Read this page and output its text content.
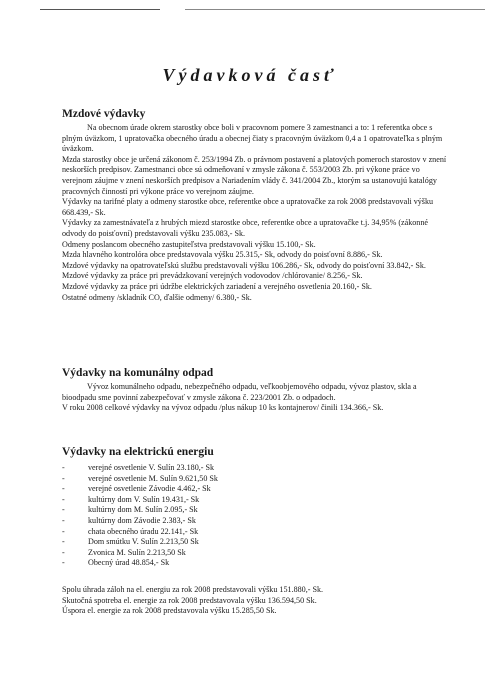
Výdavková časť
Mzdové výdavky

Na obecnom úrade okrem starostky obce boli v pracovnom pomere 3 zamestnanci a to: 1 referentka obce s plným úväzkom, 1 upratovačka obecného úradu a obecnej čiaty s pracovným úväzkom 0,4 a 1 opatrovateľka s plným úväzkom.

Mzda starostky obce je určená zákonom č. 253/1994 Zb. o právnom postavení a platových pomeroch starostov v znení neskorších predpisov. Zamestnanci obce sú odmeňovaní v zmysle zákona č. 553/2003 Zb. pri výkone práce vo verejnom záujme v znení neskorších predpisov a Nariadením vlády č. 341/2004 Zb., ktorým sa ustanovujú katalógy pracovných činností pri výkone práce vo verejnom záujme.

Výdavky na tarifné platy a odmeny starostke obce, referentke obce a upratovačke za rok 2008 predstavovali výšku 668.439,- Sk.

Výdavky za zamestnávateľa z hrubých miezd starostke obce, referentke obce a upratovačke t.j. 34,95% (zákonné odvody do poisťovní) predstavovali výšku 235.083,- Sk.

Odmeny poslancom obecného zastupiteľstva predstavovali výšku 15.100,- Sk.

Mzda hlavného kontrolóra obce predstavovala výšku 25.315,- Sk, odvody do poisťovní 8.886,- Sk.

Mzdové výdavky na opatrovateľskú službu predstavovali výšku 106.286,- Sk, odvody do poisťovní 33.842,- Sk.

Mzdové výdavky za práce pri prevádzkovaní verejných vodovodov /chlórovanie/ 8.256,- Sk.

Mzdové výdavky za práce pri údržbe elektrických zariadení a verejného osvetlenia 20.160,- Sk.

Ostatné odmeny /skladník CO, ďalšie odmeny/ 6.380,- Sk.

Výdavky na komunálny odpad

Vývoz komunálneho odpadu, nebezpečného odpadu, veľkoobjemového odpadu, vývoz plastov, skla a bioodpadu sme povinní zabezpečovať v zmysle zákona č. 223/2001 Zb. o odpadoch.

V roku 2008 celkové výdavky na vývoz odpadu /plus nákup 10 ks kontajnerov/ činili 134.366,- Sk.

Výdavky na elektrickú energiu
-	verejné osvetlenie V. Sulín 23.180,- Sk
-	verejné osvetlenie M. Sulín 9.621,50 Sk
-	verejné osvetlenie Závodie 4.462,- Sk
-	kultúrny dom V. Sulín 19.431,- Sk
-	kultúrny dom M. Sulín 2.095,- Sk
-	kultúrny dom Závodie 2.383,- Sk
-	chata obecného úradu 22.141,- Sk
-	Dom smútku V. Sulín 2.213,50 Sk
-	Zvonica M. Sulín 2.213,50 Sk
-	Obecný úrad 48.854,- Sk

Spolu úhrada záloh na el. energiu za rok 2008 predstavovali výšku 151.880,- Sk.

Skutočná spotreba el. energie za rok 2008 predstavovala výšku 136.594,50 Sk.

Úspora el. energie za rok 2008 predstavovala výšku 15.285,50 Sk.
